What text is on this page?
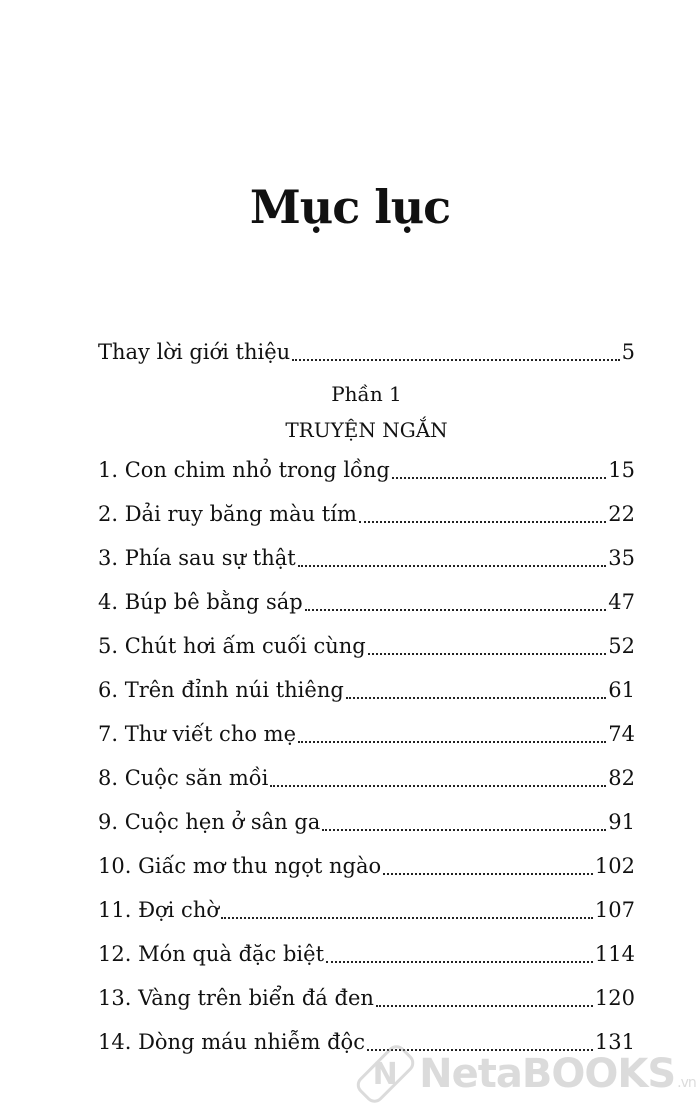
Mục lục
Thay lời giới thiệu	5
Phần 1
TRUYỆN NGẮN
1. Con chim nhỏ trong lồng	15
2. Dải ruy băng màu tím	22
3. Phía sau sự thật	35
4. Búp bê bằng sáp	47
5. Chút hơi ấm cuối cùng	52
6. Trên đỉnh núi thiêng	61
7. Thư viết cho mẹ	74
8. Cuộc săn mồi	82
9. Cuộc hẹn ở sân ga	91
10. Giấc mơ thu ngọt ngào	102
11. Đợi chờ	107
12. Món quà đặc biệt	114
13. Vàng trên biển đá đen	120
14. Dòng máu nhiễm độc	131
N NetaBOOKS .vn
